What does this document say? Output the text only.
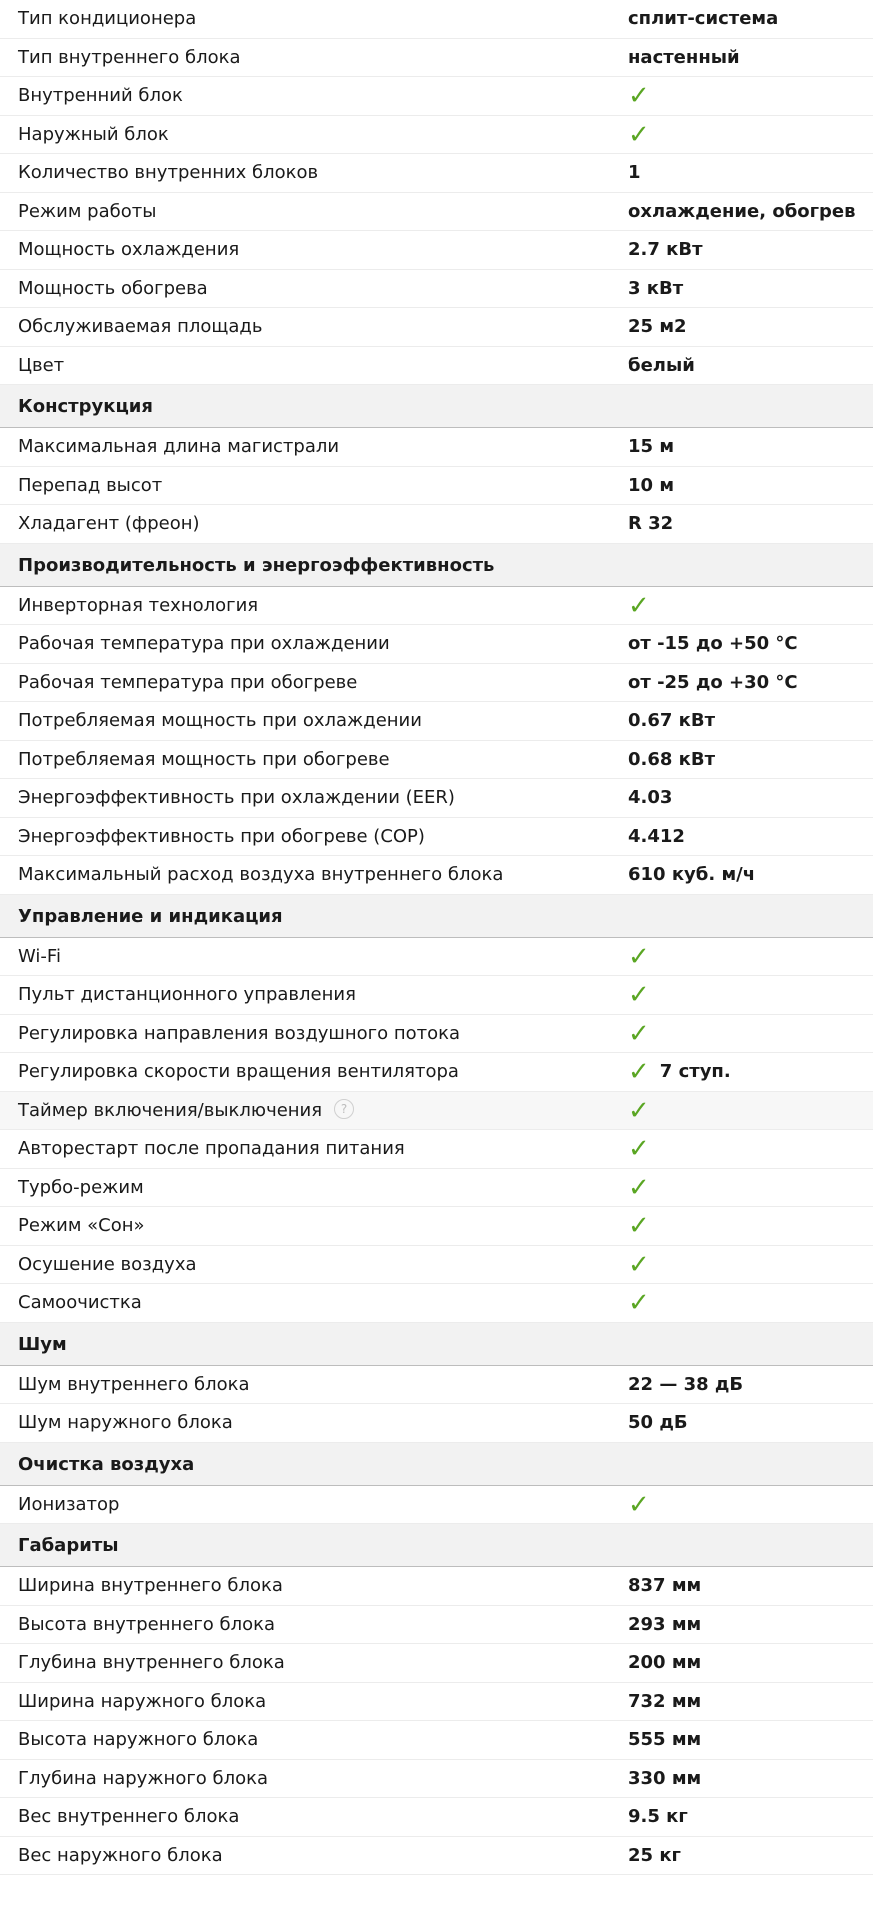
Тип кондиционера	сплит-система
Тип внутреннего блока	настенный
Внутренний блок	✓
Наружный блок	✓
Количество внутренних блоков	1
Режим работы	охлаждение, обогрев
Мощность охлаждения	2.7 кВт
Мощность обогрева	3 кВт
Обслуживаемая площадь	25 м2
Цвет	белый
Конструкция
Максимальная длина магистрали	15 м
Перепад высот	10 м
Хладагент (фреон)	R 32
Производительность и энергоэффективность
Инверторная технология	✓
Рабочая температура при охлаждении	от -15 до +50 °C
Рабочая температура при обогреве	от -25 до +30 °C
Потребляемая мощность при охлаждении	0.67 кВт
Потребляемая мощность при обогреве	0.68 кВт
Энергоэффективность при охлаждении (EER)	4.03
Энергоэффективность при обогреве (COP)	4.412
Максимальный расход воздуха внутреннего блока	610 куб. м/ч
Управление и индикация
Wi-Fi	✓
Пульт дистанционного управления	✓
Регулировка направления воздушного потока	✓
Регулировка скорости вращения вентилятора	✓ 7 ступ.
Таймер включения/выключения ?	✓
Авторестарт после пропадания питания	✓
Турбо-режим	✓
Режим «Сон»	✓
Осушение воздуха	✓
Самоочистка	✓
Шум
Шум внутреннего блока	22 — 38 дБ
Шум наружного блока	50 дБ
Очистка воздуха
Ионизатор	✓
Габариты
Ширина внутреннего блока	837 мм
Высота внутреннего блока	293 мм
Глубина внутреннего блока	200 мм
Ширина наружного блока	732 мм
Высота наружного блока	555 мм
Глубина наружного блока	330 мм
Вес внутреннего блока	9.5 кг
Вес наружного блока	25 кг
